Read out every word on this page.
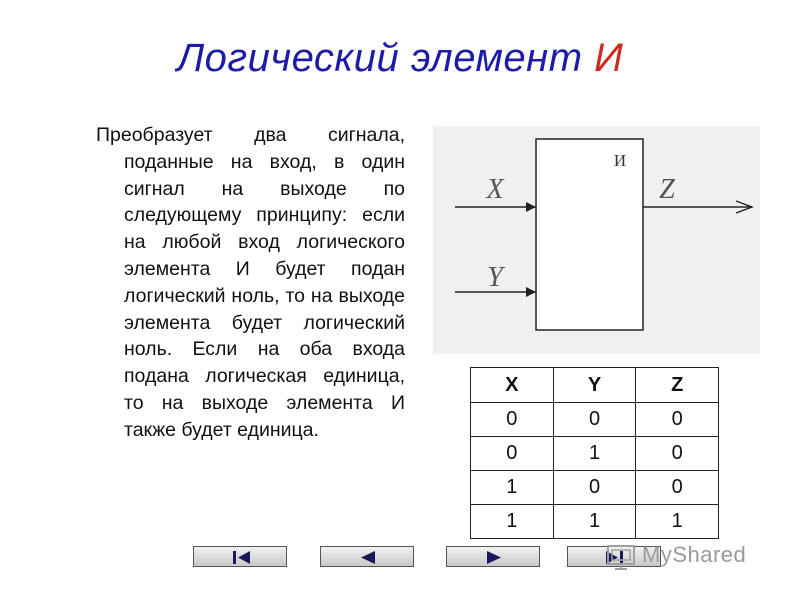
Логический элемент И
Преобразует два сигнала, поданные на вход, в один сигнал на выходе по следующему принципу: если на любой вход логического элемента И будет подан логический ноль, то на выходе элемента будет логический ноль. Если на оба входа подана логическая единица, то на выходе элемента И также будет единица.
И
X
Y
Z
X	Y	Z
0	0	0
0	1	0
1	0	0
1	1	1
MyShared
